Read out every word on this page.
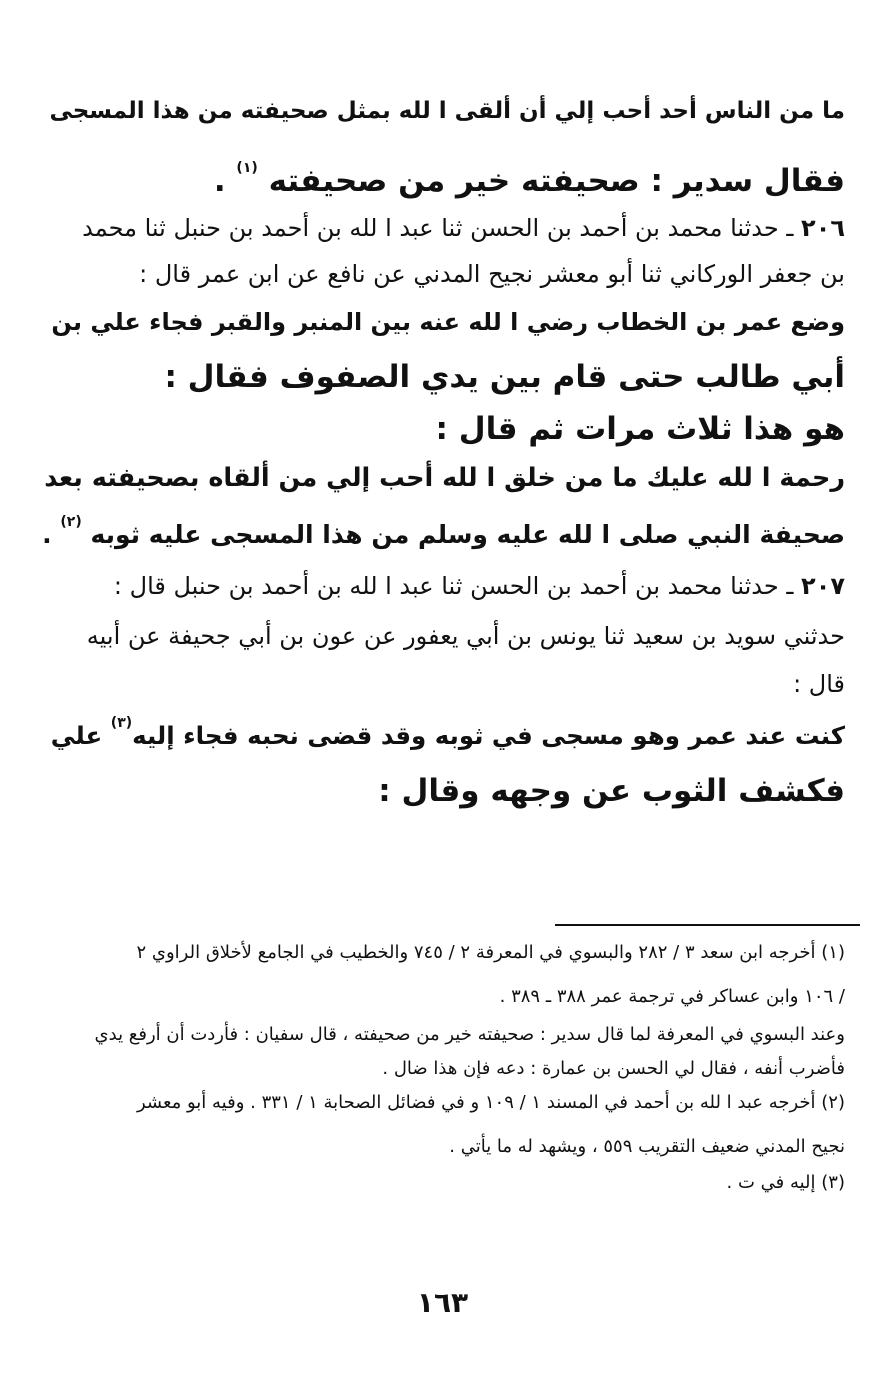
ما من الناس أحد أحب إلي أن ألقى ا لله بمثل صحيفته من هذا المسجى
فقال سدير : صحيفته خير من صحيفته $^{(١)}$ .
٢٠٦ ـ حدثنا محمد بن أحمد بن الحسن ثنا عبد ا لله بن أحمد بن حنبل ثنا محمد
بن جعفر الوركاني ثنا أبو معشر نجيح المدني عن نافع عن ابن عمر قال :
وضع عمر بن الخطاب رضي ا لله عنه بين المنبر والقبر فجاء علي بن
أبي طالب حتى قام بين يدي الصفوف فقال :
هو هذا ثلاث مرات ثم قال :
رحمة ا لله عليك ما من خلق ا لله أحب إلي من ألقاه بصحيفته بعد
صحيفة النبي صلى ا لله عليه وسلم من هذا المسجى عليه ثوبه $^{(٢)}$ .
٢٠٧ ـ حدثنا محمد بن أحمد بن الحسن ثنا عبد ا لله بن أحمد بن حنبل قال :
حدثني سويد بن سعيد ثنا يونس بن أبي يعفور عن عون بن أبي جحيفة عن أبيه
قال :
كنت عند عمر وهو مسجى في ثوبه وقد قضى نحبه فجاء إليه$^{(٣)}$ علي
فكشف الثوب عن وجهه وقال :
(١) أخرجه ابن سعد ٣ / ٢٨٢ والبسوي في المعرفة ٢ / ٧٤٥ والخطيب في الجامع لأخلاق الراوي ٢
/ ١٠٦ وابن عساكر في ترجمة عمر ٣٨٨ ـ ٣٨٩ .
وعند البسوي في المعرفة لما قال سدير : صحيفته خير من صحيفته ، قال سفيان : فأردت أن أرفع يدي
فأضرب أنفه ، فقال لي الحسن بن عمارة : دعه فإن هذا ضال .
(٢) أخرجه عبد ا لله بن أحمد في المسند ١ / ١٠٩ و في فضائل الصحابة ١ / ٣٣١ . وفيه أبو معشر
نجيح المدني ضعيف التقريب ٥٥٩ ، ويشهد له ما يأتي .
(٣) إليه في ت .
١٦٣
